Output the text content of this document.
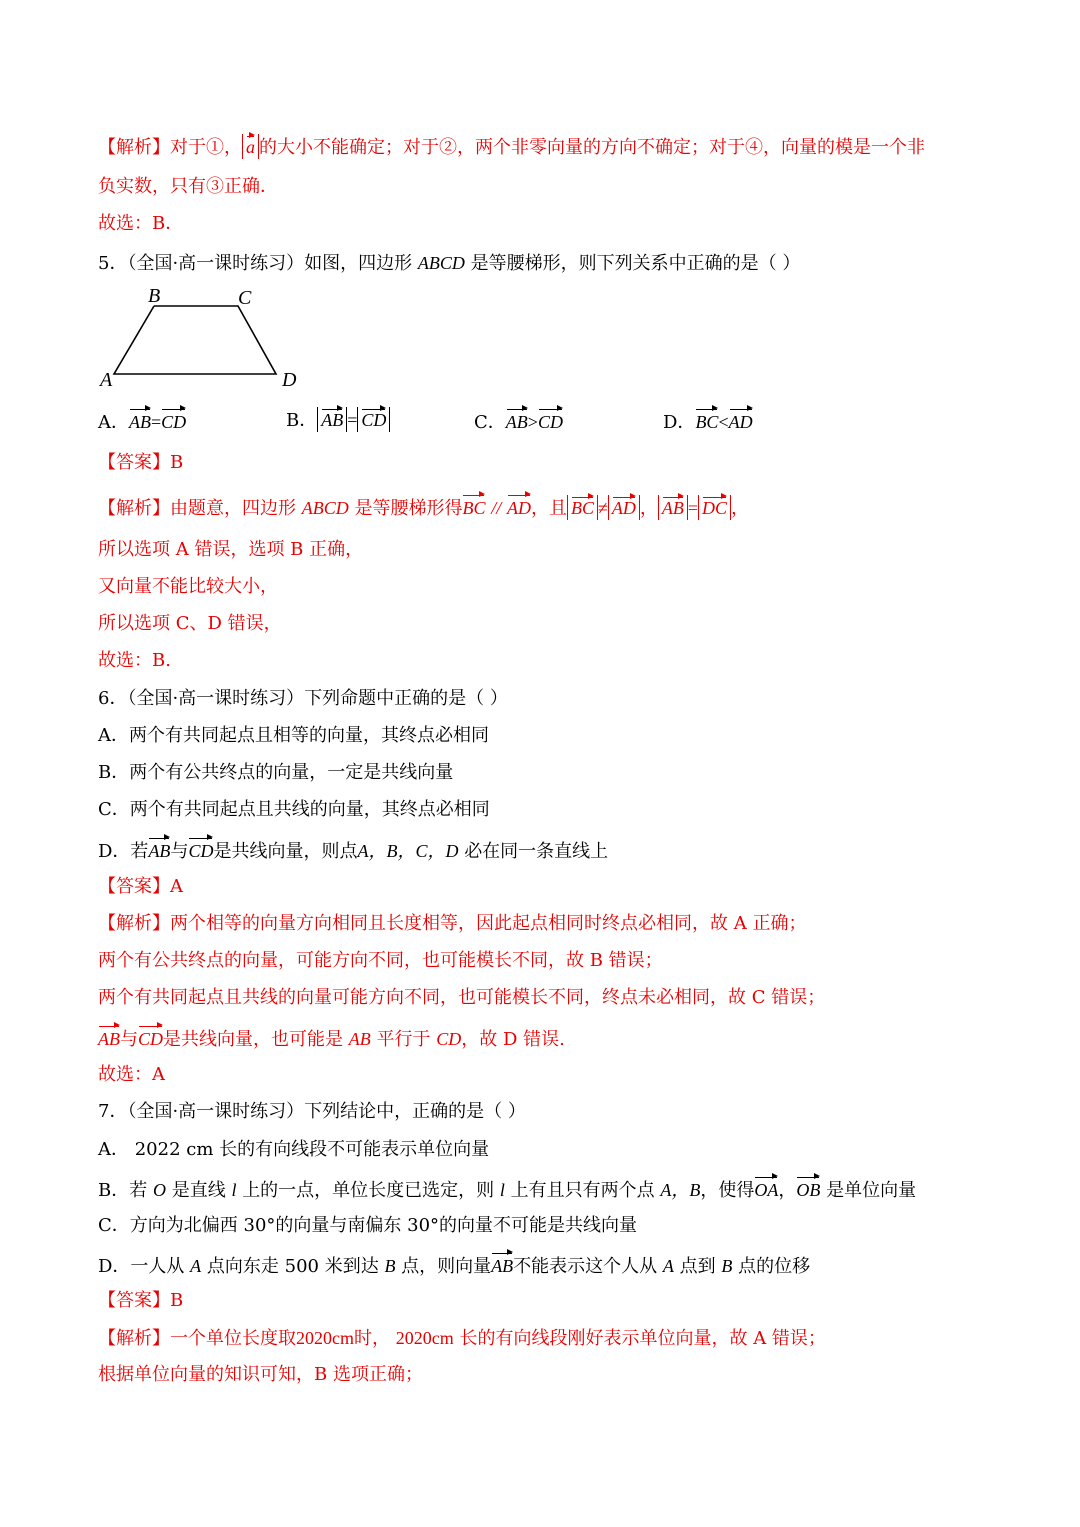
【解析】对于①， a 的大小不能确定；对于②，两个非零向量的方向不确定；对于④，向量的模是一个非
负实数，只有③正确．
故选：B．
5．（全国·高一课时练习）如图，四边形 ABCD 是等腰梯形，则下列关系中正确的是（ ）
B	C
A	D
A．AB=CD	B． AB = CD	C．AB>CD	D．BC<AD
【答案】B
【解析】由题意，四边形 ABCD 是等腰梯形得BC // AD，且 BC ≠ AD ， AB = DC ，
所以选项 A 错误，选项 B 正确，
又向量不能比较大小，
所以选项 C、D 错误，
故选：B.
6．（全国·高一课时练习）下列命题中正确的是（ ）
A．两个有共同起点且相等的向量，其终点必相同
B．两个有公共终点的向量，一定是共线向量
C．两个有共同起点且共线的向量，其终点必相同
D．若AB与CD是共线向量，则点A，B，C，D 必在同一条直线上
【答案】A
【解析】两个相等的向量方向相同且长度相等，因此起点相同时终点必相同，故 A 正确；
两个有公共终点的向量，可能方向不同，也可能模长不同，故 B 错误；
两个有共同起点且共线的向量可能方向不同，也可能模长不同，终点未必相同，故 C 错误；
AB与CD是共线向量，也可能是 AB 平行于 CD，故 D 错误.
故选：A
7．（全国·高一课时练习）下列结论中，正确的是（ ）
A． 2022 cm 长的有向线段不可能表示单位向量
B．若 O 是直线 l 上的一点，单位长度已选定，则 l 上有且只有两个点 A，B，使得OA，OB 是单位向量
C．方向为北偏西 30°的向量与南偏东 30°的向量不可能是共线向量
D．一人从 A 点向东走 500 米到达 B 点，则向量AB不能表示这个人从 A 点到 B 点的位移
【答案】B
【解析】一个单位长度取2020cm时， 2020cm 长的有向线段刚好表示单位向量，故 A 错误；
根据单位向量的知识可知，B 选项正确；
